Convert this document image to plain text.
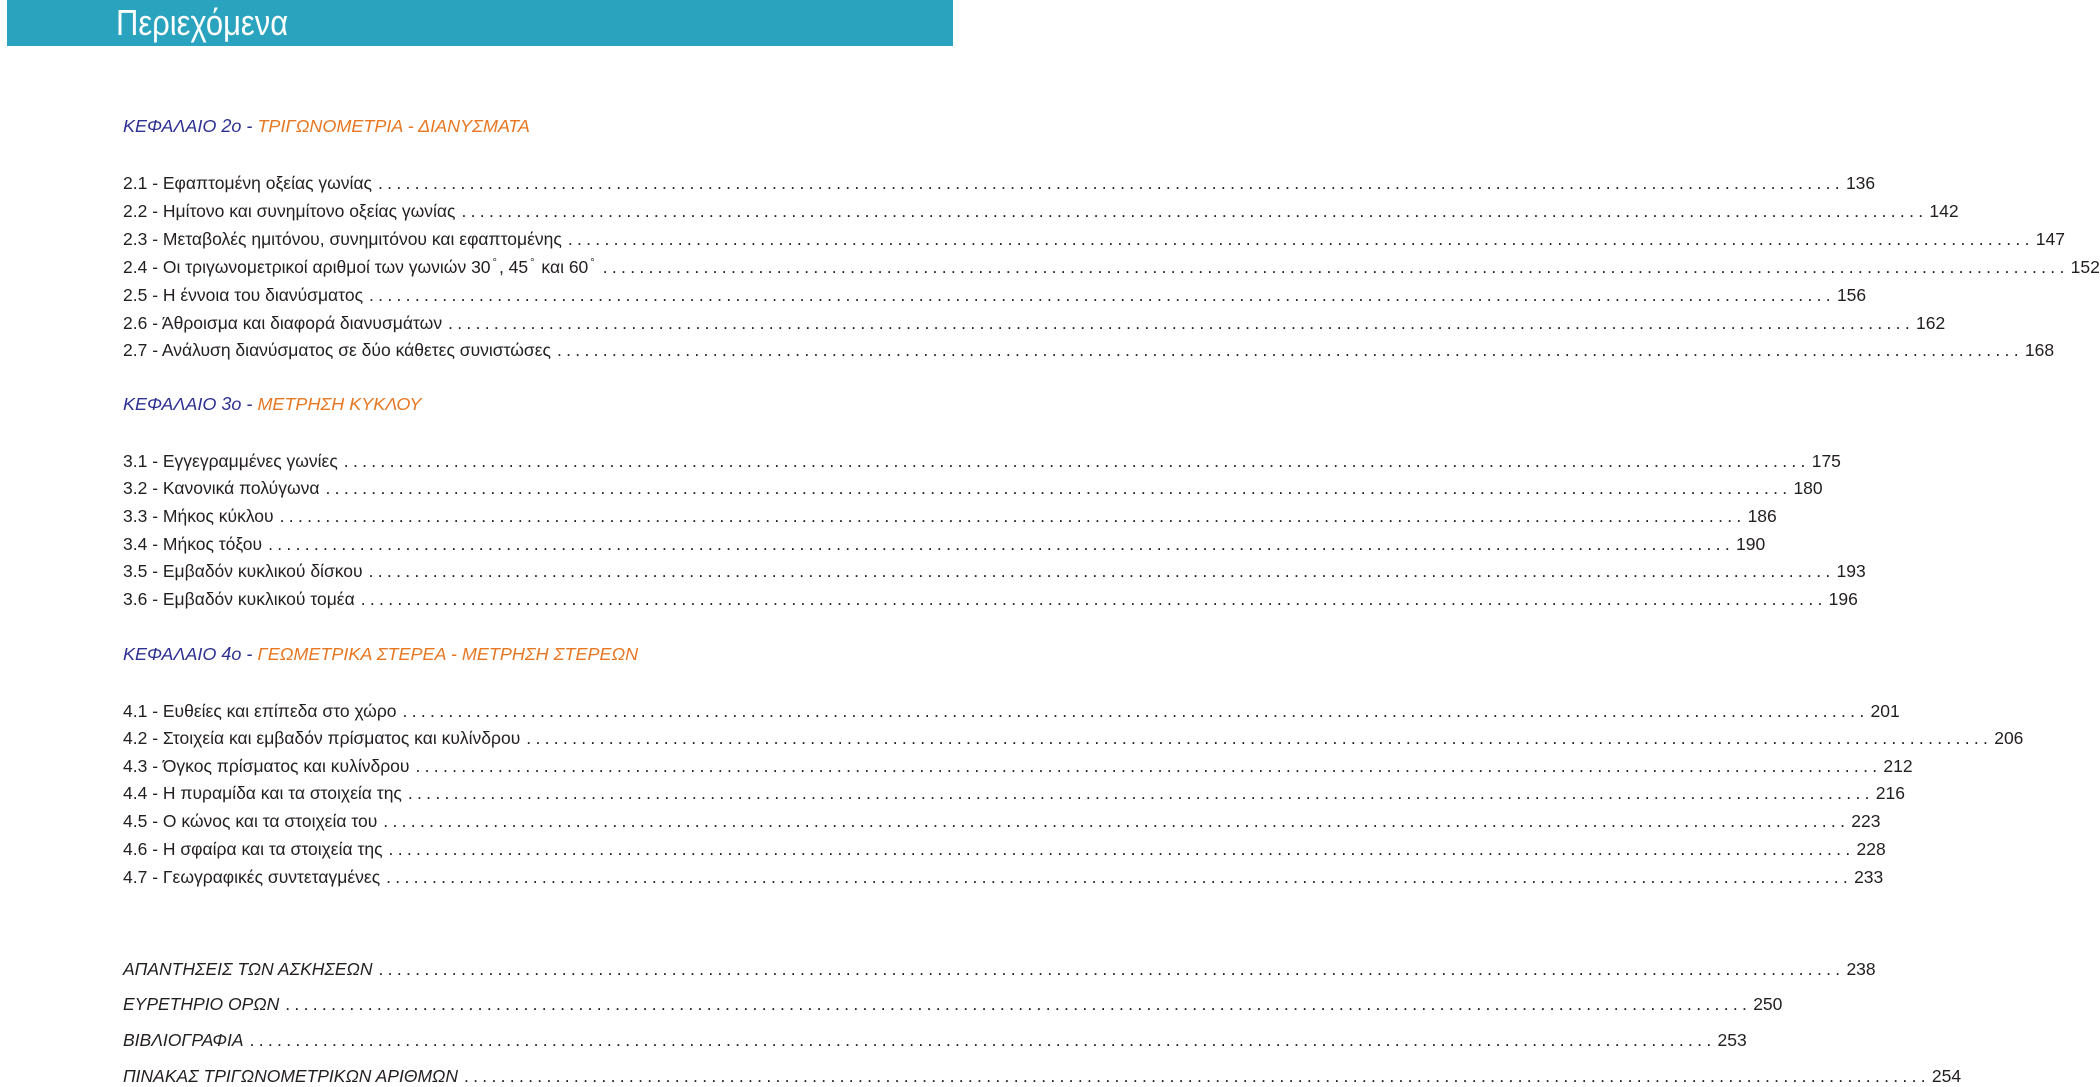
Περιεχόμενα
ΚΕΦΑΛΑΙΟ 2ο - ΤΡΙΓΩΝΟΜΕΤΡΙΑ - ΔΙΑΝΥΣΜΑΤΑ
2.1 - Εφαπτομένη οξείας γωνίας ................................................................................................................................................................ 136
2.2 - Ημίτονο και συνημίτονο οξείας γωνίας ................................................................................................................................................................ 142
2.3 - Μεταβολές ημιτόνου, συνημιτόνου και εφαπτομένης ................................................................................................................................................................ 147
2.4 - Οι τριγωνομετρικοί αριθμοί των γωνιών 30 ° , 45 ° και 60 ° ................................................................................................................................................................ 152
2.5 - Η έννοια του διανύσματος ................................................................................................................................................................ 156
2.6 - Άθροισμα και διαφορά διανυσμάτων ................................................................................................................................................................ 162
2.7 - Ανάλυση διανύσματος σε δύο κάθετες συνιστώσες ................................................................................................................................................................ 168
ΚΕΦΑΛΑΙΟ 3ο - ΜΕΤΡΗΣΗ ΚΥΚΛΟΥ
3.1 - Εγγεγραμμένες γωνίες ................................................................................................................................................................ 175
3.2 - Κανονικά πολύγωνα ................................................................................................................................................................ 180
3.3 - Μήκος κύκλου ................................................................................................................................................................ 186
3.4 - Μήκος τόξου ................................................................................................................................................................ 190
3.5 - Εμβαδόν κυκλικού δίσκου ................................................................................................................................................................ 193
3.6 - Εμβαδόν κυκλικού τομέα ................................................................................................................................................................ 196
ΚΕΦΑΛΑΙΟ 4ο - ΓΕΩΜΕΤΡΙΚΑ ΣΤΕΡΕΑ - ΜΕΤΡΗΣΗ ΣΤΕΡΕΩΝ
4.1 - Ευθείες και επίπεδα στο χώρο ................................................................................................................................................................ 201
4.2 - Στοιχεία και εμβαδόν πρίσματος και κυλίνδρου ................................................................................................................................................................ 206
4.3 - Όγκος πρίσματος και κυλίνδρου ................................................................................................................................................................ 212
4.4 - Η πυραμίδα και τα στοιχεία της ................................................................................................................................................................ 216
4.5 - Ο κώνος και τα στοιχεία του ................................................................................................................................................................ 223
4.6 - Η σφαίρα και τα στοιχεία της ................................................................................................................................................................ 228
4.7 - Γεωγραφικές συντεταγμένες ................................................................................................................................................................ 233
ΑΠΑΝΤΗΣΕΙΣ ΤΩΝ ΑΣΚΗΣΕΩΝ ................................................................................................................................................................ 238
ΕΥΡΕΤΗΡΙΟ ΟΡΩΝ ................................................................................................................................................................ 250
ΒΙΒΛΙΟΓΡΑΦΙΑ ................................................................................................................................................................ 253
ΠΙΝΑΚΑΣ ΤΡΙΓΩΝΟΜΕΤΡΙΚΩΝ ΑΡΙΘΜΩΝ ................................................................................................................................................................ 254
